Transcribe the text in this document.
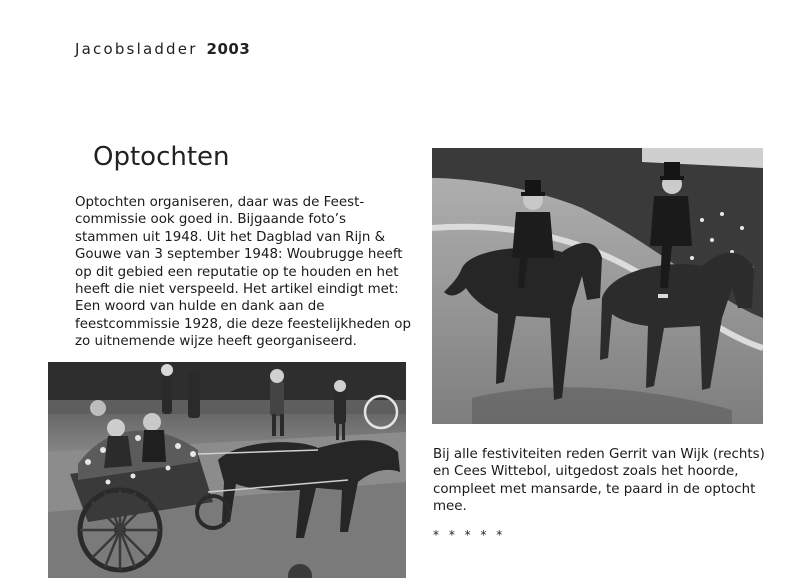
Jacobsladder 2003
Optochten

Optochten organiseren, daar was de Feest-
commissie ook goed in. Bijgaande foto’s
stammen uit 1948. Uit het Dagblad van Rijn &
Gouwe van 3 september 1948: Woubrugge heeft
op dit gebied een reputatie op te houden en het
heeft die niet verspeeld. Het artikel eindigt met:
Een woord van hulde en dank aan de
feestcommissie 1928, die deze feestelijkheden op
zo uitnemende wijze heeft georganiseerd.

Bij alle festiviteiten reden Gerrit van Wijk (rechts)
en Cees Wittebol, uitgedost zoals het hoorde,
compleet met mansarde, te paard in de optocht
mee.

* * * * *
